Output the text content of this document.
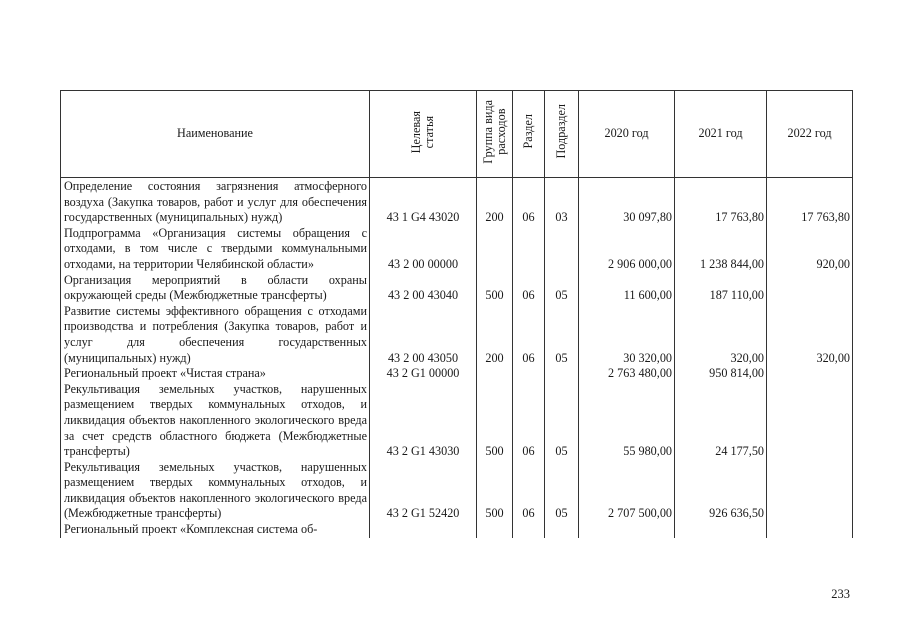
Наименование	Целевая статья	Группа вида расходов	Раздел	Подраздел	2020 год	2021 год	2022 год
Определение состояния загрязнения атмосферного воздуха (Закупка товаров, работ и услуг для обеспечения государственных (муниципальных) нужд)	43 1 G4 43020	200	06	03	30 097,80	17 763,80	17 763,80
Подпрограмма «Организация системы обращения с отходами, в том числе с твердыми коммунальными отходами, на территории Челябинской области»	43 2 00 00000				2 906 000,00	1 238 844,00	920,00
Организация мероприятий в области охраны окружающей среды (Межбюджетные трансферты)	43 2 00 43040	500	06	05	11 600,00	187 110,00	
Развитие системы эффективного обращения с отходами производства и потребления (Закупка товаров, работ и услуг для обеспечения государственных (муниципальных) нужд)	43 2 00 43050	200	06	05	30 320,00	320,00	320,00
Региональный проект «Чистая страна»	43 2 G1 00000				2 763 480,00	950 814,00	
Рекультивация земельных участков, нарушенных размещением твердых коммунальных отходов, и ликвидация объектов накопленного экологического вреда за счет средств областного бюджета (Межбюджетные трансферты)	43 2 G1 43030	500	06	05	55 980,00	24 177,50	
Рекультивация земельных участков, нарушенных размещением твердых коммунальных отходов, и ликвидация объектов накопленного экологического вреда (Межбюджетные трансферты)	43 2 G1 52420	500	06	05	2 707 500,00	926 636,50	
Региональный проект «Комплексная система об-							
233
